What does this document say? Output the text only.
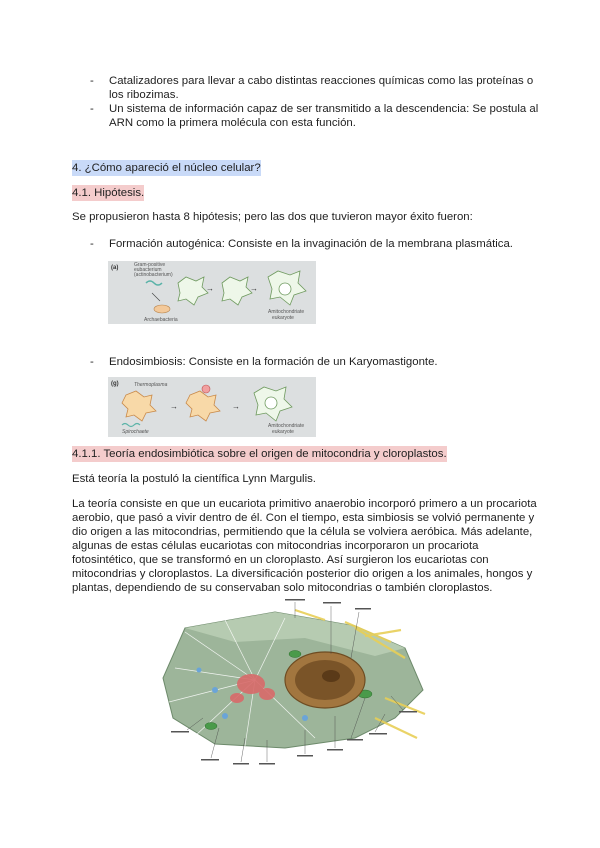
- Catalizadores para llevar a cabo distintas reacciones químicas como las proteínas o
los ribozimas.
- Un sistema de información capaz de ser transmitido a la descendencia: Se postula al
ARN como la primera molécula con esta función.
4. ¿Cómo apareció el núcleo celular?
4.1. Hipótesis.
Se propusieron hasta 8 hipótesis; pero las dos que tuvieron mayor éxito fueron:
- Formación autogénica: Consiste en la invaginación de la membrana plasmática.
(a)	Gram-positive
eubacterium
(actinobacterium)
Archaebacteria
→	→
Amitochondriate
eukaryote
- Endosimbiosis: Consiste en la formación de un Karyomastigonte.
(g)	Thermoplasma
Spirochaete
→	→
Amitochondriate
eukaryote
4.1.1. Teoría endosimbiótica sobre el origen de mitocondria y cloroplastos.
Está teoría la postuló la científica Lynn Margulis.
La teoría consiste en que un eucariota primitivo anaerobio incorporó primero a un procariota
aerobio, que pasó a vivir dentro de él. Con el tiempo, esta simbiosis se volvió permanente y
dio origen a las mitocondrias, permitiendo que la célula se volviera aeróbica. Más adelante,
algunas de estas células eucariotas con mitocondrias incorporaron un procariota
fotosintético, que se transformó en un cloroplasto. Así surgieron los eucariotas con
mitocondrias y cloroplastos. La diversificación posterior dio origen a los animales, hongos y
plantas, dependiendo de su conservaban solo mitocondrias o también cloroplastos.
